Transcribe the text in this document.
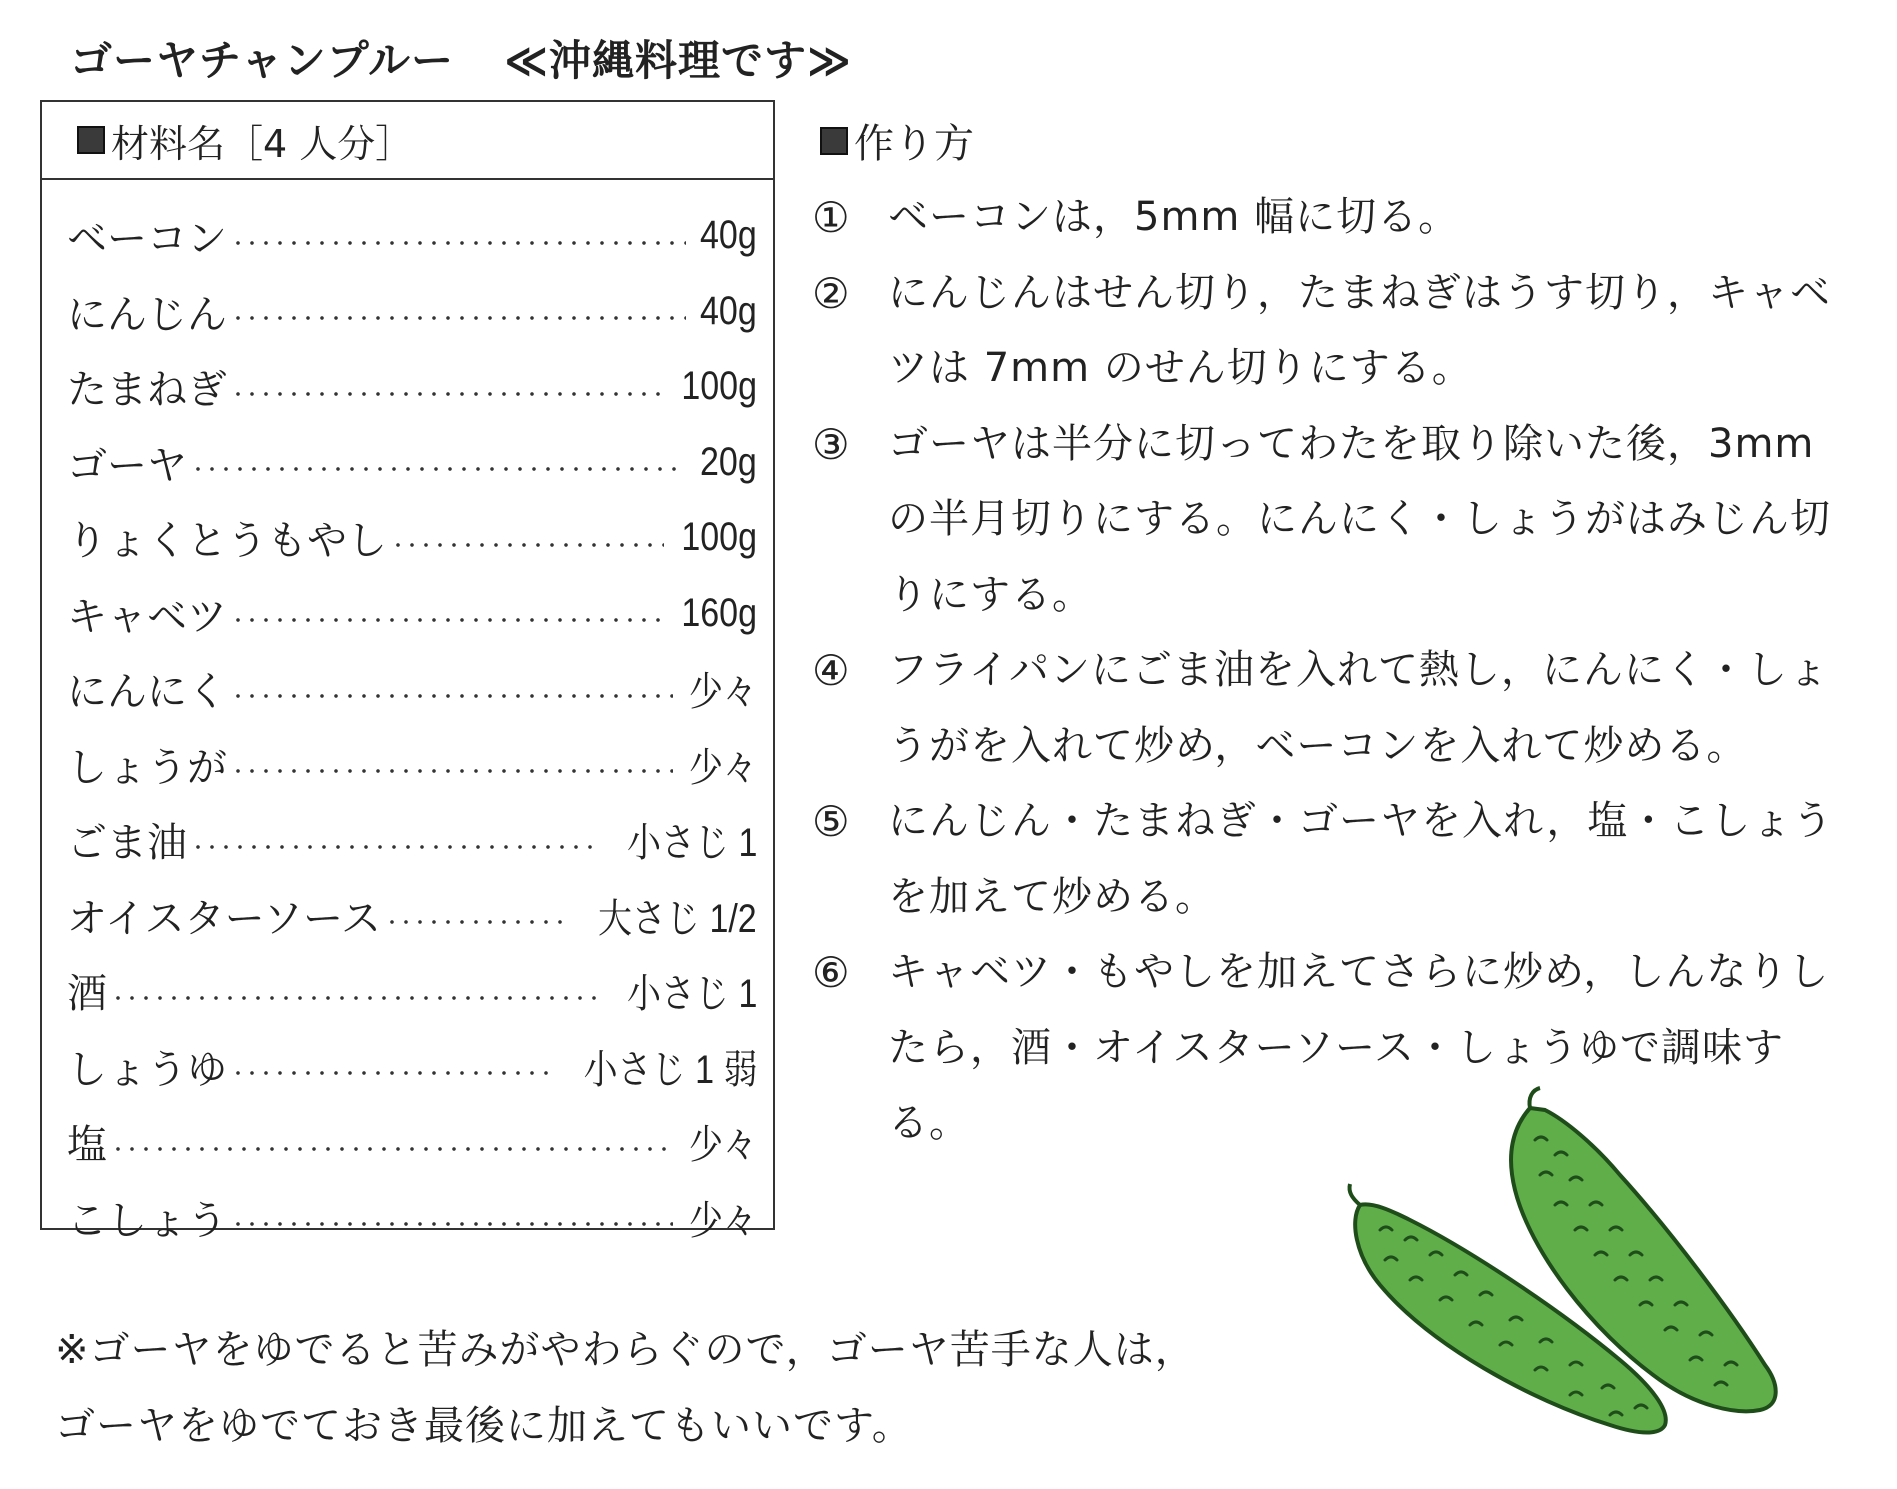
ゴーヤチャンプルー ≪沖縄料理です≫
材料名［4 人分］
ベーコン	40g
にんじん	40g
たまねぎ	100g
ゴーヤ	20g
りょくとうもやし	100g
キャベツ	160g
にんにく	少々
しょうが	少々
ごま油	小さじ 1
オイスターソース	大さじ 1/2
酒	小さじ 1
しょうゆ	小さじ 1 弱
塩	少々
こしょう	少々
作り方
① ベーコンは，5mm 幅に切る。
② にんじんはせん切り，たまねぎはうす切り，キャベツは 7mm のせん切りにする。
③ ゴーヤは半分に切ってわたを取り除いた後，3mm の半月切りにする。にんにく・しょうがはみじん切りにする。
④ フライパンにごま油を入れて熱し，にんにく・しょうがを入れて炒め，ベーコンを入れて炒める。
⑤ にんじん・たまねぎ・ゴーヤを入れ，塩・こしょうを加えて炒める。
⑥ キャベツ・もやしを加えてさらに炒め，しんなりしたら，酒・オイスターソース・しょうゆで調味する。
※ゴーヤをゆでると苦みがやわらぐので，ゴーヤ苦手な人は，
ゴーヤをゆでておき最後に加えてもいいです。
